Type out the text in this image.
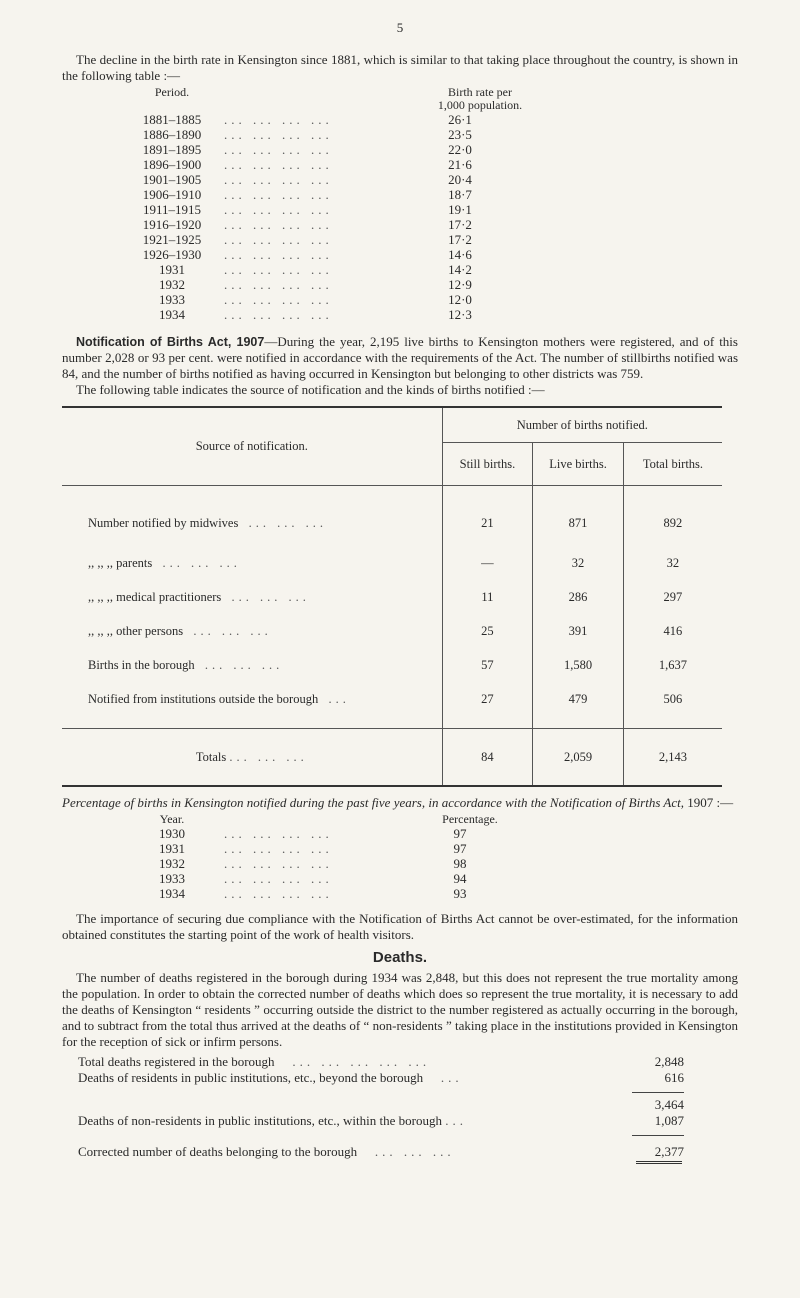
5

The decline in the birth rate in Kensington since 1881, which is similar to that taking place throughout the country, is shown in the following table :—

Period.	Birth rate per
1,000 population.
1881–1885	... ... ... ...	26·1
1886–1890	... ... ... ...	23·5
1891–1895	... ... ... ...	22·0
1896–1900	... ... ... ...	21·6
1901–1905	... ... ... ...	20·4
1906–1910	... ... ... ...	18·7
1911–1915	... ... ... ...	19·1
1916–1920	... ... ... ...	17·2
1921–1925	... ... ... ...	17·2
1926–1930	... ... ... ...	14·6
1931	... ... ... ...	14·2
1932	... ... ... ...	12·9
1933	... ... ... ...	12·0
1934	... ... ... ...	12·3

Notification of Births Act, 1907—During the year, 2,195 live births to Kensington mothers were registered, and of this number 2,028 or 93 per cent. were notified in accordance with the requirements of the Act. The number of stillbirths notified was 84, and the number of births notified as having occurred in Kensington but belonging to other districts was 759.

The following table indicates the source of notification and the kinds of births notified :—

Source of notification.	Number of births notified.		
	Still births.	Live births.	Total births.
Number notified by midwives  ... ... ...	21	871	892
,, ,, ,, parents  ... ... ...	—	32	32
,, ,, ,, medical practitioners  ... ... ...	11	286	297
,, ,, ,, other persons  ... ... ...	25	391	416
Births in the borough  ... ... ...	57	1,580	1,637
Notified from institutions outside the borough  ...	27	479	506

Totals ... ... ...	84	2,059	2,143

Percentage of births in Kensington notified during the past five years, in accordance with the Notification of Births Act, 1907 :—

Year.	Percentage.
1930	... ... ... ...	97
1931	... ... ... ...	97
1932	... ... ... ...	98
1933	... ... ... ...	94
1934	... ... ... ...	93

The importance of securing due compliance with the Notification of Births Act cannot be over-estimated, for the information obtained constitutes the starting point of the work of health visitors.

Deaths.

The number of deaths registered in the borough during 1934 was 2,848, but this does not represent the true mortality among the population. In order to obtain the corrected number of deaths which does so represent the true mortality, it is necessary to add the deaths of Kensington “ residents ” occurring outside the district to the number registered as actually occurring in the borough, and to subtract from the total thus arrived at the deaths of “ non-residents ” taking place in the institutions provided in Kensington for the reception of sick or infirm persons.

Total deaths registered in the borough   ... ... ... ... ...	2,848
Deaths of residents in public institutions, etc., beyond the borough   ...	616
3,464
Deaths of non-residents in public institutions, etc., within the borough ...	1,087
Corrected number of deaths belonging to the borough   ... ... ...	2,377
